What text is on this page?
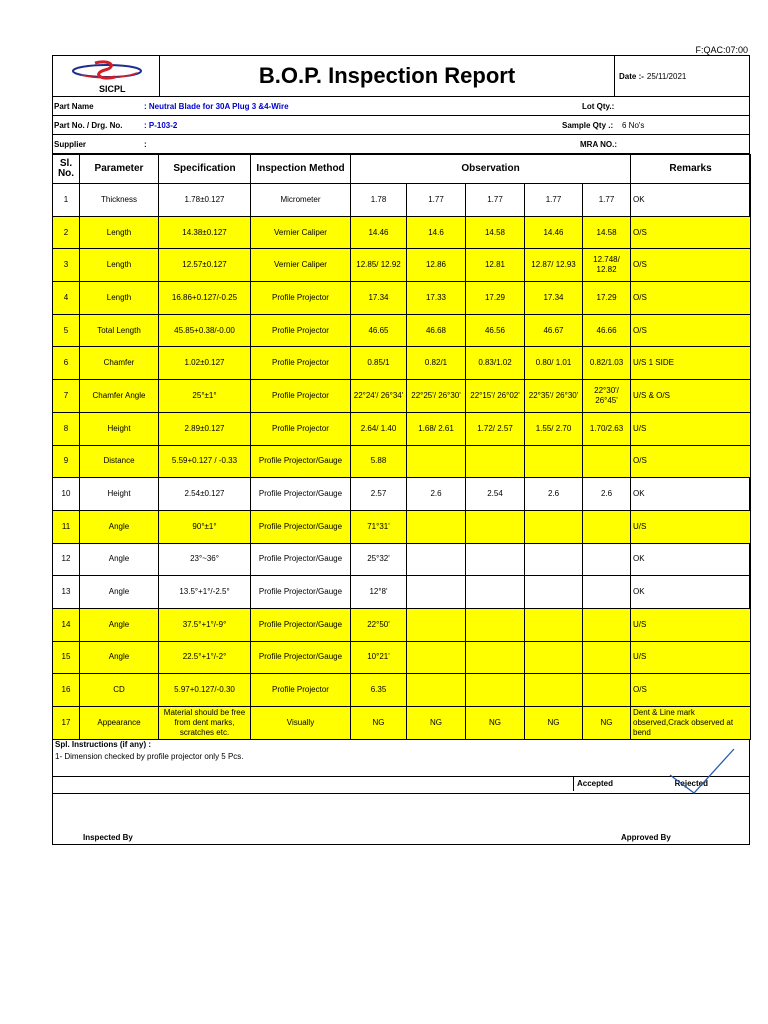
F:QAC:07:00
SICPL
B.O.P. Inspection Report	Date :- 25/11/2021
Part Name	: Neutral Blade for 30A Plug 3 &4-Wire	Lot Qty.:
Part No. / Drg. No.	: P-103-2	Sample Qty .: 6 No's
Supplier	:	MRA NO.:
Sl. No.	Parameter	Specification	Inspection Method	Observation					Remarks
1	Thickness	1.78±0.127	Micrometer	1.78	1.77	1.77	1.77	1.77	OK
2	Length	14.38±0.127	Vernier Caliper	14.46	14.6	14.58	14.46	14.58	O/S
3	Length	12.57±0.127	Vernier Caliper	12.85/ 12.92	12.86	12.81	12.87/ 12.93	12.748/ 12.82	O/S
4	Length	16.86+0.127/-0.25	Profile Projector	17.34	17.33	17.29	17.34	17.29	O/S
5	Total Length	45.85+0.38/-0.00	Profile Projector	46.65	46.68	46.56	46.67	46.66	O/S
6	Chamfer	1.02±0.127	Profile Projector	0.85/1	0.82/1	0.83/1.02	0.80/ 1.01	0.82/1.03	U/S 1 SIDE
7	Chamfer Angle	25°±1°	Profile Projector	22°24'/ 26°34'	22°25'/ 26°30'	22°15'/ 26°02'	22°35'/ 26°30'	22°30'/ 26°45'	U/S & O/S
8	Height	2.89±0.127	Profile Projector	2.64/ 1.40	1.68/ 2.61	1.72/ 2.57	1.55/ 2.70	1.70/2.63	U/S
9	Distance	5.59+0.127 / -0.33	Profile Projector/Gauge	5.88					O/S
10	Height	2.54±0.127	Profile Projector/Gauge	2.57	2.6	2.54	2.6	2.6	OK
11	Angle	90°±1°	Profile Projector/Gauge	71°31'					U/S
12	Angle	23°~36°	Profile Projector/Gauge	25°32'					OK
13	Angle	13.5°+1°/-2.5°	Profile Projector/Gauge	12°8'					OK
14	Angle	37.5°+1°/-9°	Profile Projector/Gauge	22°50'					U/S
15	Angle	22.5°+1°/-2°	Profile Projector/Gauge	10°21'					U/S
16	CD	5.97+0.127/-0.30	Profile Projector	6.35					O/S
17	Appearance	Material should be free from dent marks, scratches etc.	Visually	NG	NG	NG	NG	NG	Dent & Line mark observed,Crack observed at bend
Spl. Instructions (if any) :
1- Dimension checked by profile projector only 5 Pcs.
Accepted	Rejected
Inspected By	Approved By
